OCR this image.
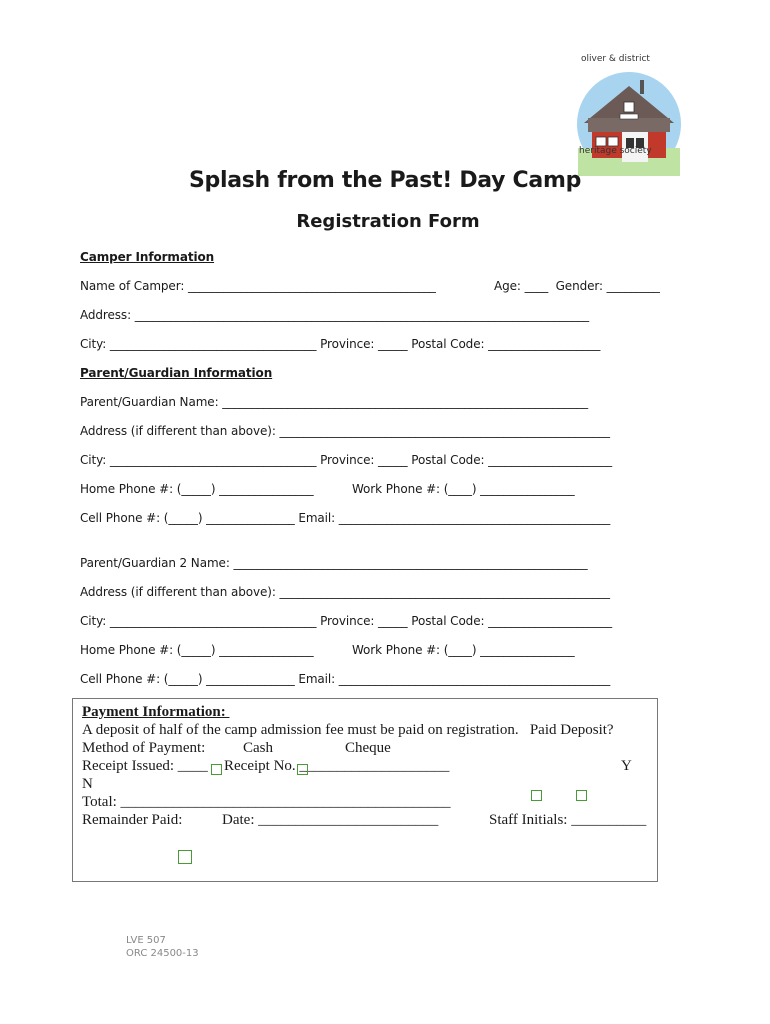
oliver & district

heritage society

Splash from the Past! Day Camp
Registration Form
Camper Information
Name of Camper: __________________________________________	Age: ____  Gender: _________
Address: _____________________________________________________________________________
City: ___________________________________ Province: _____ Postal Code: ___________________
Parent/Guardian Information
Parent/Guardian Name: ______________________________________________________________
Address (if different than above): ________________________________________________________
City: ___________________________________ Province: _____ Postal Code: _____________________
Home Phone #: (_____) ________________	Work Phone #: (____) ________________
Cell Phone #: (_____) _______________ Email: ______________________________________________
Parent/Guardian 2 Name: ____________________________________________________________
Address (if different than above): ________________________________________________________
City: ___________________________________ Province: _____ Postal Code: _____________________
Home Phone #: (_____) ________________	Work Phone #: (____) ________________
Cell Phone #: (_____) _______________ Email: ______________________________________________
Payment Information:
A deposit of half of the camp admission fee must be paid on registration.   Paid Deposit?
Method of Payment:	Cash	Cheque
Receipt Issued: ____ Receipt No. ____________________	Y
N
Total: ____________________________________________
Remainder Paid:	Date: ________________________	Staff Initials: __________
LVE 507
ORC 24500-13
